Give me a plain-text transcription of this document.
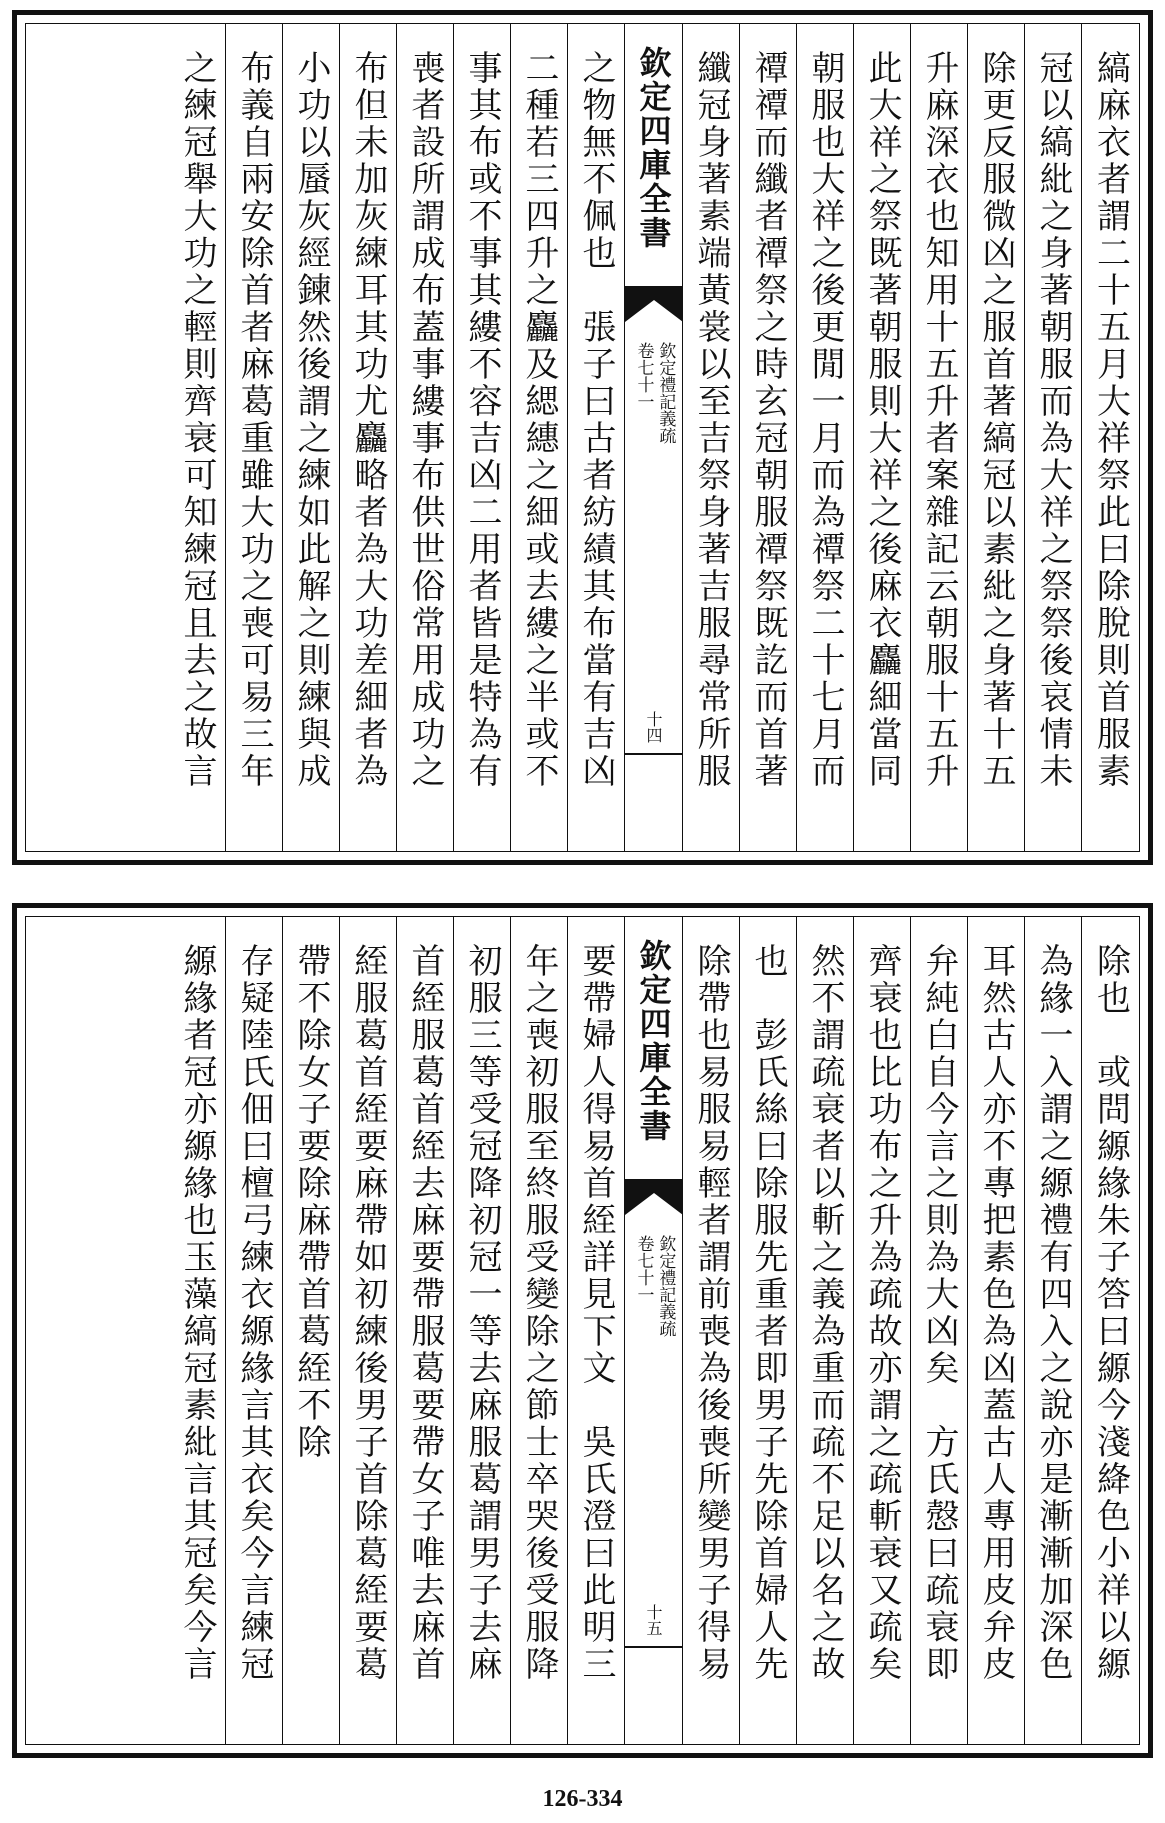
縞麻衣者謂二十五月大祥祭此曰除脫則首服素
冠以縞紕之身著朝服而為大祥之祭祭後哀情未
除更反服微凶之服首著縞冠以素紕之身著十五
升麻深衣也知用十五升者案雜記云朝服十五升
此大祥之祭既著朝服則大祥之後麻衣麤細當同
朝服也大祥之後更閒一月而為禫祭二十七月而
禫禫而纖者禫祭之時玄冠朝服禫祭既訖而首著
纖冠身著素端黃裳以至吉祭身著吉服尋常所服
欽定四庫全書
欽定禮記義疏
卷七十一
十四
之物無不佩也　張子曰古者紡績其布當有吉凶
二種若三四升之麤及緦繐之細或去縷之半或不
事其布或不事其縷不容吉凶二用者皆是特為有
喪者設所謂成布蓋事縷事布供世俗常用成功之
布但未加灰練耳其功尤麤略者為大功差細者為
小功以蜃灰經鍊然後謂之練如此解之則練與成
布義自兩安除首者麻葛重雖大功之喪可易三年
之練冠舉大功之輕則齊衰可知練冠且去之故言
除也　或問縓緣朱子答曰縓今淺絳色小祥以縓
為緣一入謂之縓禮有四入之說亦是漸漸加深色
耳然古人亦不專把素色為凶蓋古人專用皮弁皮
弁純白自今言之則為大凶矣　方氏慤曰疏衰即
齊衰也比功布之升為疏故亦謂之疏斬衰又疏矣
然不謂疏衰者以斬之義為重而疏不足以名之故
也　彭氏絲曰除服先重者即男子先除首婦人先
除帶也易服易輕者謂前喪為後喪所變男子得易
欽定四庫全書
欽定禮記義疏
卷七十一
十五
要帶婦人得易首絰詳見下文　吳氏澄曰此明三
年之喪初服至終服受變除之節士卒哭後受服降
初服三等受冠降初冠一等去麻服葛謂男子去麻
首絰服葛首絰去麻要帶服葛要帶女子唯去麻首
絰服葛首絰要麻帶如初練後男子首除葛絰要葛
帶不除女子要除麻帶首葛絰不除
存疑陸氏佃曰檀弓練衣縓緣言其衣矣今言練冠
縓緣者冠亦縓緣也玉藻縞冠素紕言其冠矣今言
126-334
